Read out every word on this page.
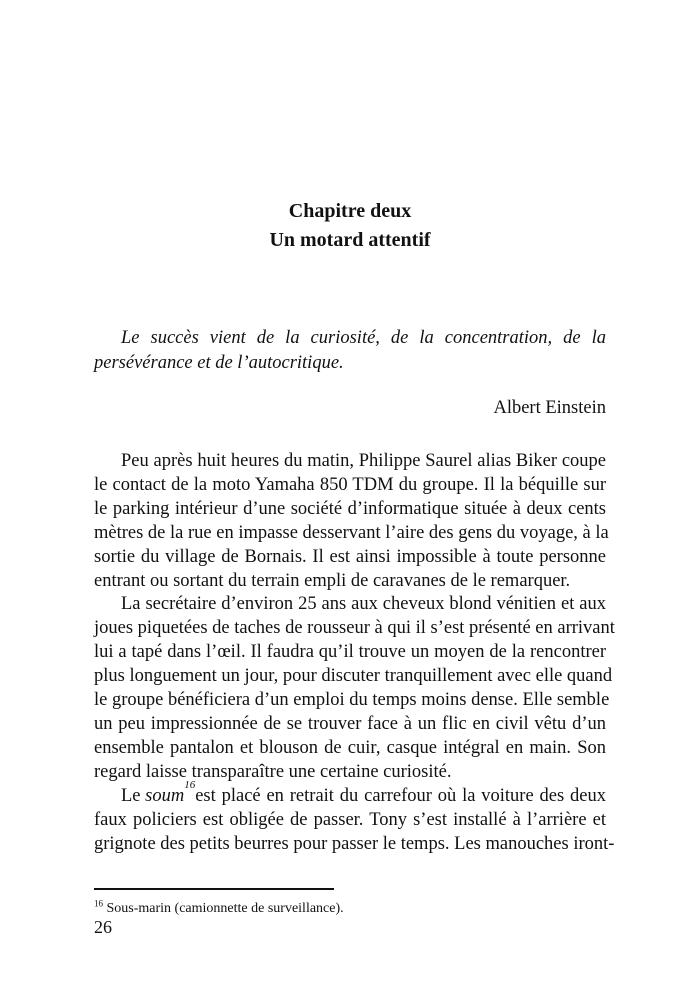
Chapitre deux
Un motard attentif
Le succès vient de la curiosité, de la concentration, de la
persévérance et de l’autocritique.
Albert Einstein
Peu après huit heures du matin, Philippe Saurel alias Biker coupe
le contact de la moto Yamaha 850 TDM du groupe. Il la béquille sur
le parking intérieur d’une société d’informatique située à deux cents
mètres de la rue en impasse desservant l’aire des gens du voyage, à la
sortie du village de Bornais. Il est ainsi impossible à toute personne
entrant ou sortant du terrain empli de caravanes de le remarquer.
La secrétaire d’environ 25 ans aux cheveux blond vénitien et aux
joues piquetées de taches de rousseur à qui il s’est présenté en arrivant
lui a tapé dans l’œil. Il faudra qu’il trouve un moyen de la rencontrer
plus longuement un jour, pour discuter tranquillement avec elle quand
le groupe bénéficiera d’un emploi du temps moins dense. Elle semble
un peu impressionnée de se trouver face à un flic en civil vêtu d’un
ensemble pantalon et blouson de cuir, casque intégral en main. Son
regard laisse transparaître une certaine curiosité.
Le soum
16
est placé en retrait du carrefour où la voiture des deux
faux policiers est obligée de passer. Tony s’est installé à l’arrière et
grignote des petits beurres pour passer le temps. Les manouches iront-
$^{16}$ Sous-marin (camionnette de surveillance).
26
